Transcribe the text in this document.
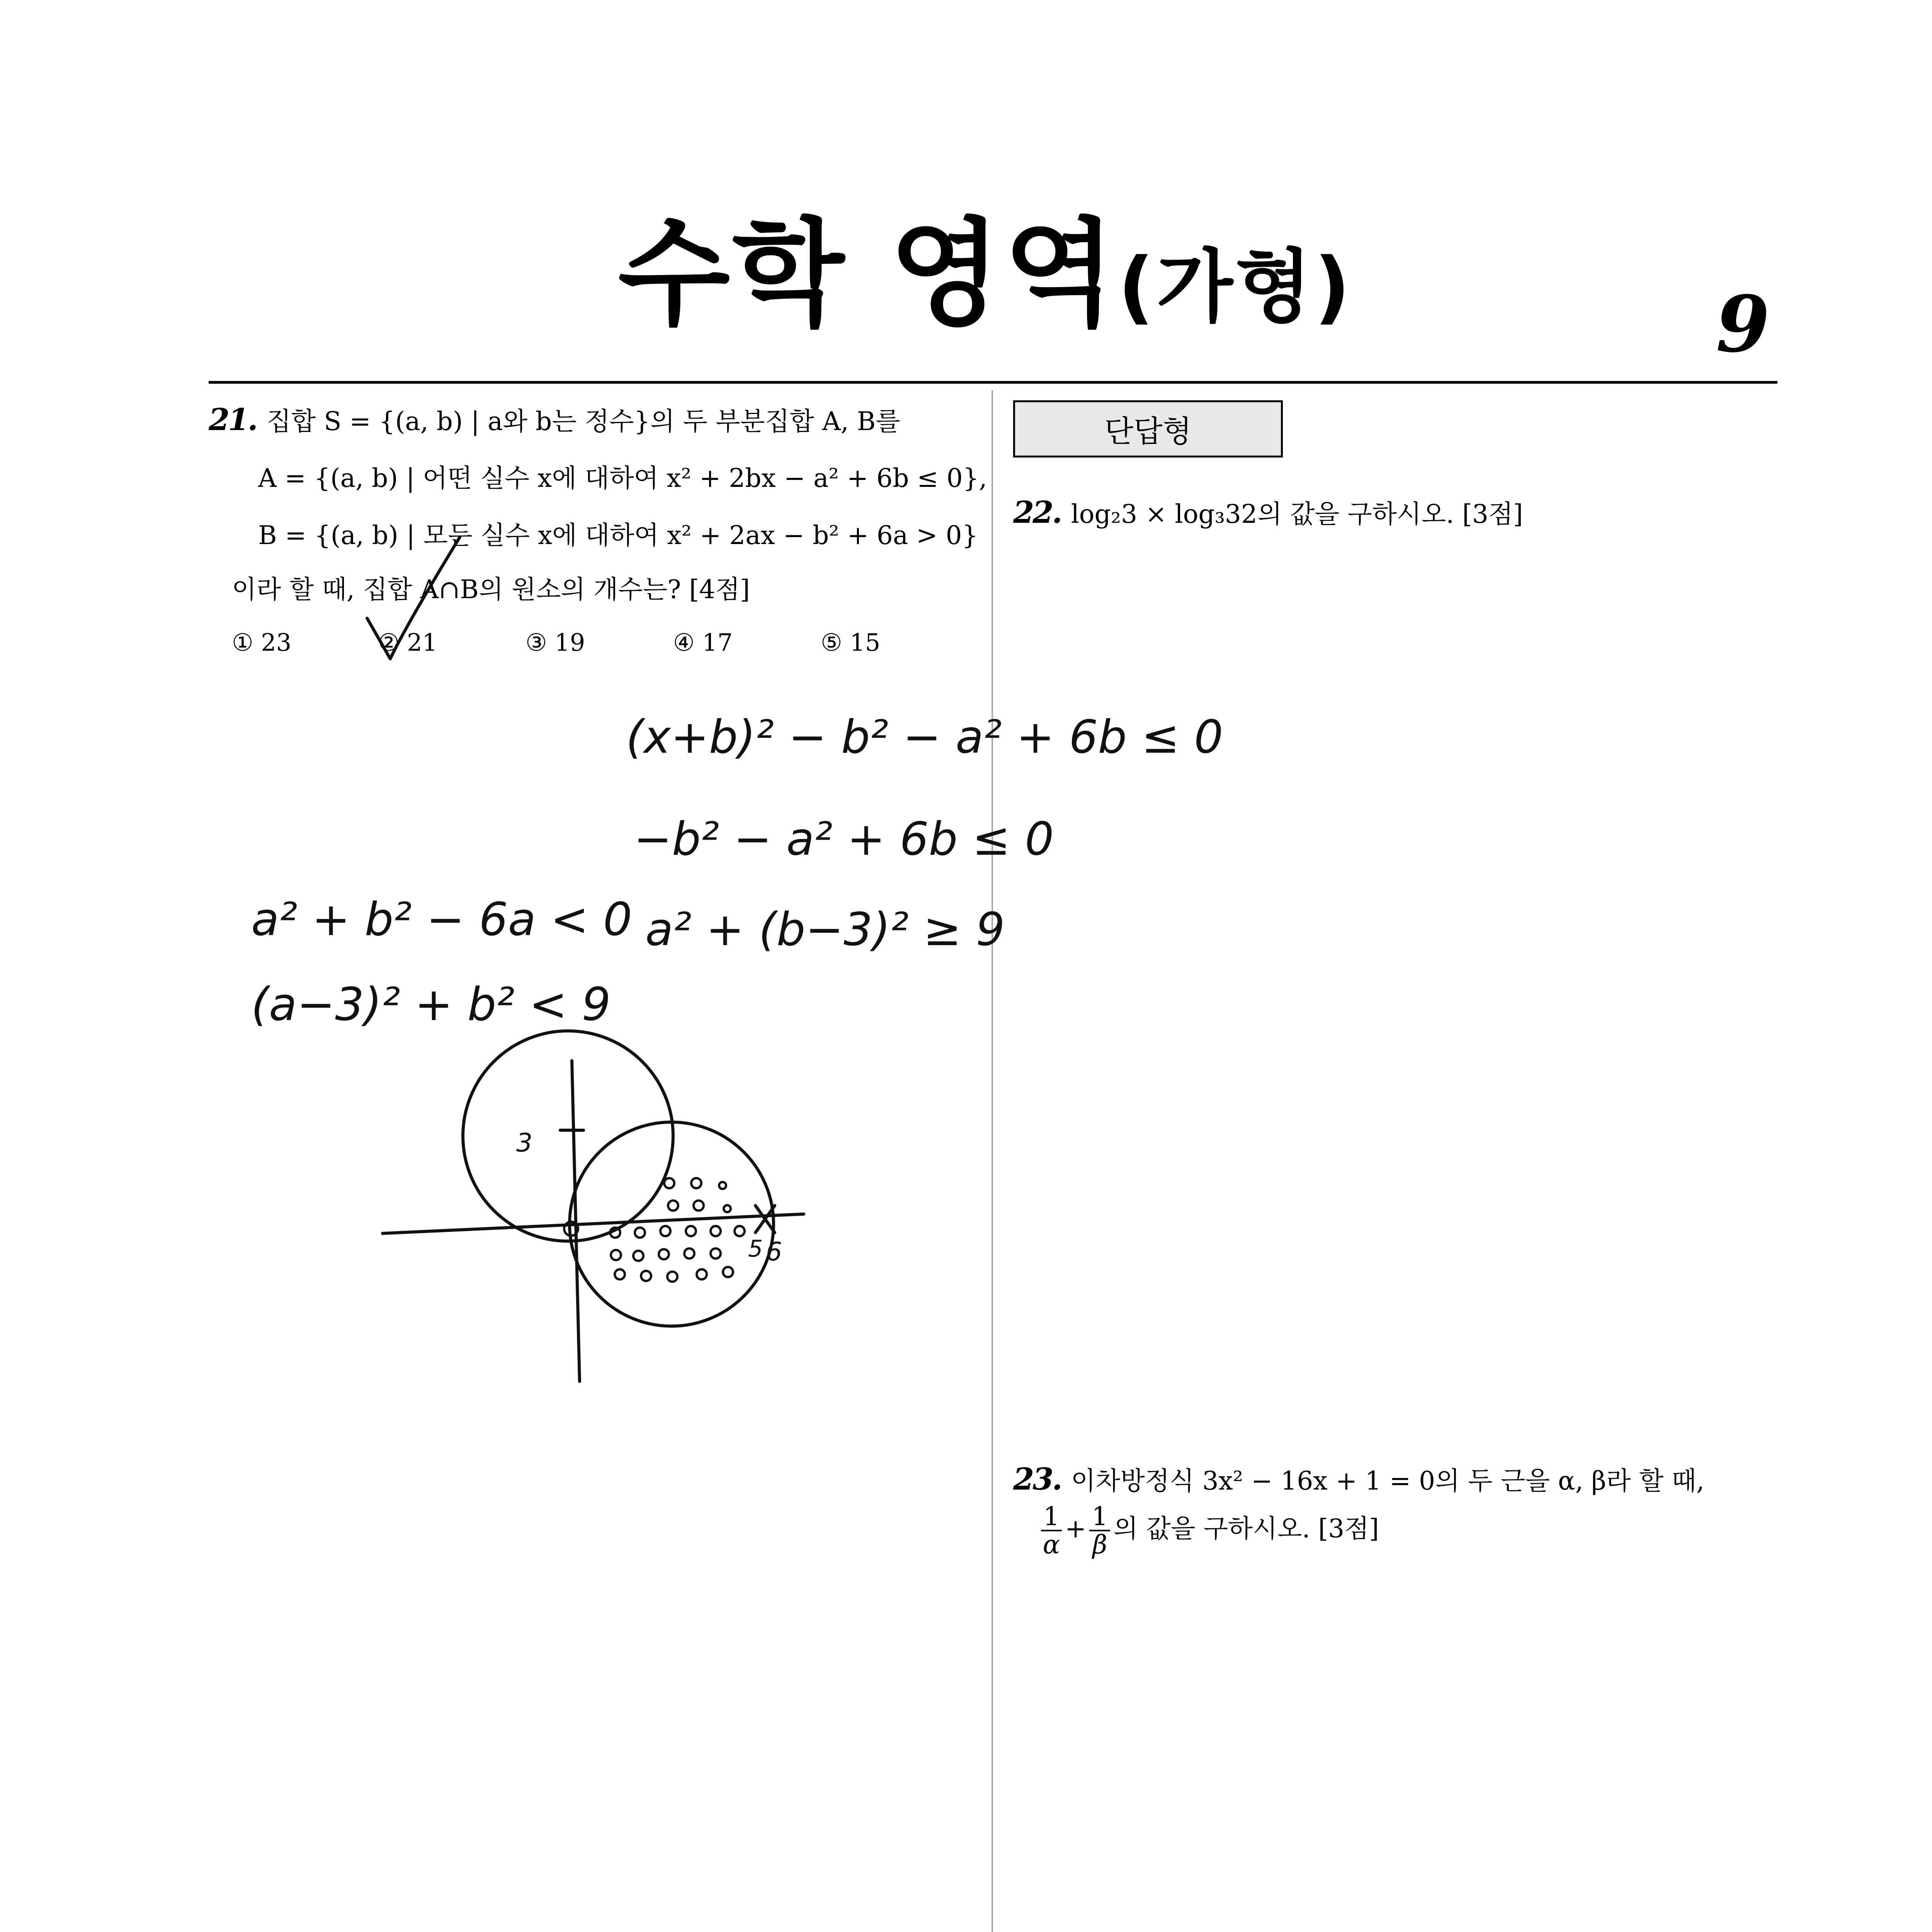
수학 영역(가형)	9
21. 집합 S = {(a, b) | a와 b는 정수}의 두 부분집합 A, B를
A = {(a, b) | 어떤 실수 x에 대하여 x² + 2bx − a² + 6b ≤ 0},
B = {(a, b) | 모든 실수 x에 대하여 x² + 2ax − b² + 6a > 0}
이라 할 때, 집합 A∩B의 원소의 개수는? [4점]
① 23	② 21	③ 19	④ 17	⑤ 15
(x+b)² − b² − a² + 6b ≤ 0
−b² − a² + 6b ≤ 0
a² + (b−3)² ≥ 9
a² + b² − 6a < 0
(a−3)² + b² < 9
3
6
5
단답형
22. log₂3 × log₃32의 값을 구하시오. [3점]
23. 이차방정식 3x² − 16x + 1 = 0의 두 근을 α, β라 할 때,
$\frac{1}{\alpha} + \frac{1}{\beta}$ 의 값을 구하시오. [3점]
